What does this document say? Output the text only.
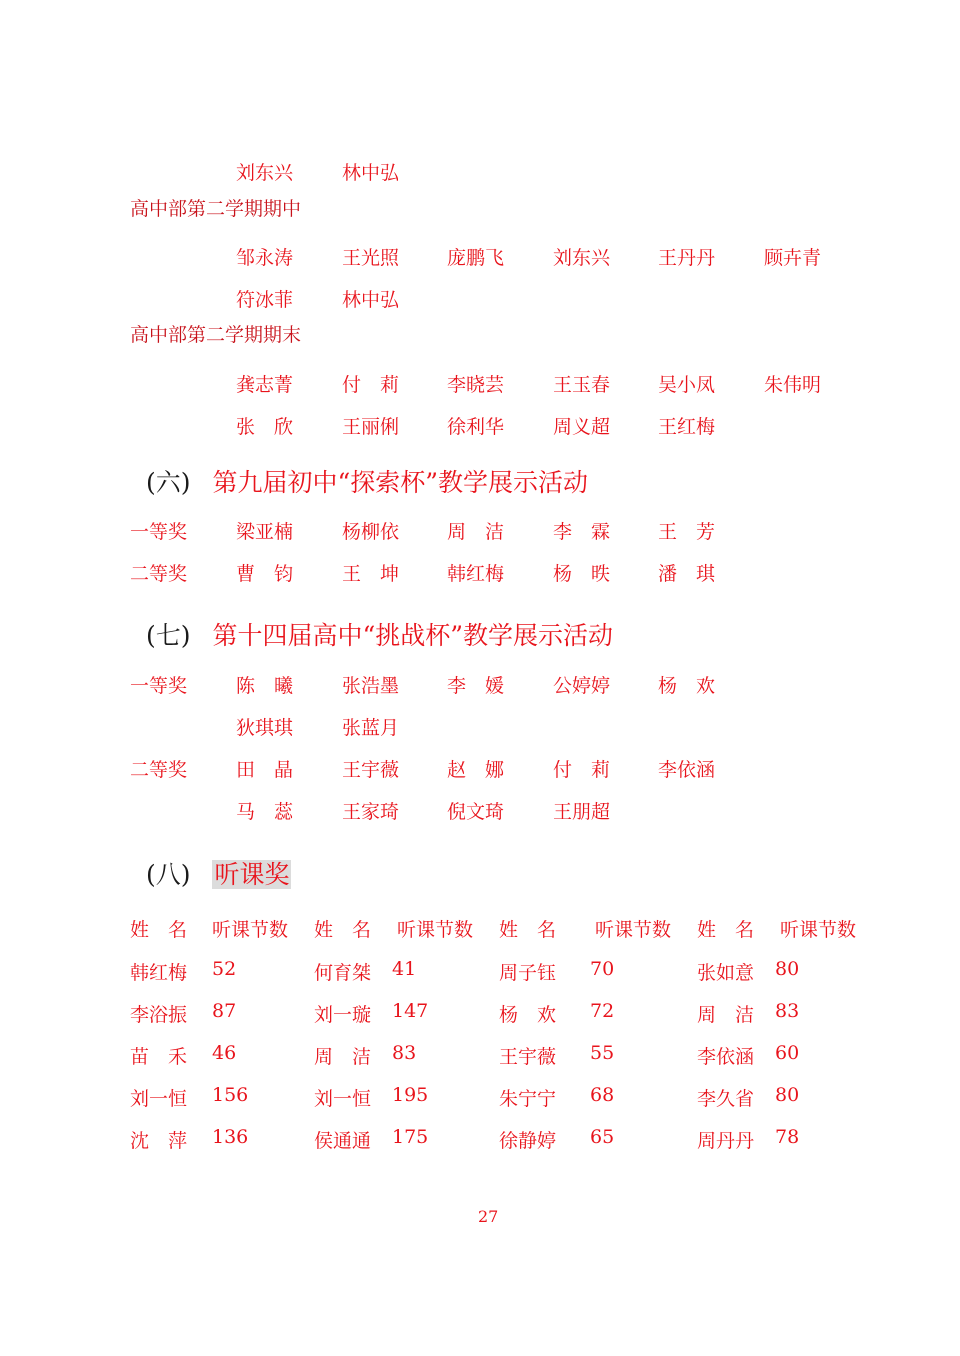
刘东兴	林中弘
高中部第二学期期中
邹永涛	王光照	庞鹏飞	刘东兴	王丹丹	顾卉青
符冰菲	林中弘
高中部第二学期期末
龚志菁	付　莉	李晓芸	王玉春	吴小凤	朱伟明
张　欣	王丽俐	徐利华	周义超	王红梅
(六) 第九届初中“探索杯”教学展示活动
一等奖	梁亚楠	杨柳依	周　洁	李　霖	王　芳
二等奖	曹　钧	王　坤	韩红梅	杨　昳	潘　琪
(七) 第十四届高中“挑战杯”教学展示活动
一等奖	陈　曦	张浩墨	李　媛	公婷婷	杨　欢
狄琪琪	张蓝月
二等奖	田　晶	王宇薇	赵　娜	付　莉	李依涵
马　蕊	王家琦	倪文琦	王朋超
(八) 听课奖
姓　名 听课节数 姓　名 听课节数 姓　名 听课节数 姓　名 听课节数
韩红梅 52	何育桀 41	周子钰 70	张如意 80
李浴振 87	刘一璇 147	杨　欢 72	周　洁 83
苗　禾 46	周　洁 83	王宇薇 55	李依涵 60
刘一恒 156	刘一恒 195	朱宁宁 68	李久省 80
沈　萍 136	侯通通 175	徐静婷 65	周丹丹 78
27
